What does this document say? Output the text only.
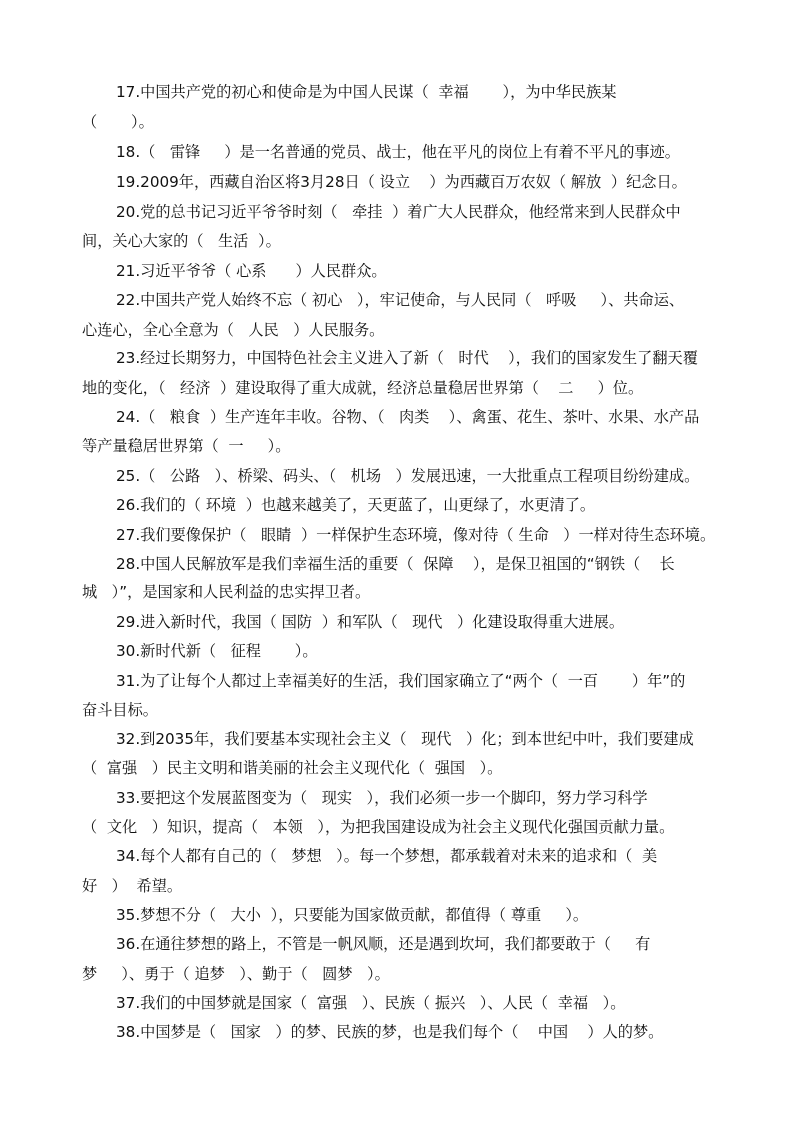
17.中国共产党的初心和使命是为中国人民谋（  幸福       ），为中华民族某
（       ）。
18.（   雷锋     ）是一名普通的党员、战士，他在平凡的岗位上有着不平凡的事迹。
19.2009年，西藏自治区将3月28日（ 设立    ）为西藏百万农奴（ 解放  ）纪念日。
20.党的总书记习近平爷爷时刻（   牵挂  ）着广大人民群众，他经常来到人民群众中
间，关心大家的（   生活  ）。
21.习近平爷爷（ 心系      ）人民群众。
22.中国共产党人始终不忘（ 初心   ），牢记使命，与人民同（   呼吸     ）、共命运、
心连心，全心全意为（   人民   ）人民服务。
23.经过长期努力，中国特色社会主义进入了新（   时代    ），我们的国家发生了翻天覆
地的变化，（   经济  ）建设取得了重大成就，经济总量稳居世界第（    二     ）位。
24.（   粮食  ）生产连年丰收。谷物、（   肉类    ）、禽蛋、花生、茶叶、水果、水产品
等产量稳居世界第（  一     ）。
25.（   公路   ）、桥梁、码头、（   机场   ）发展迅速，一大批重点工程项目纷纷建成。
26.我们的（ 环境  ）也越来越美了，天更蓝了，山更绿了，水更清了。
27.我们要像保护（   眼睛  ）一样保护生态环境，像对待（ 生命   ）一样对待生态环境。
28.中国人民解放军是我们幸福生活的重要（  保障    ），是保卫祖国的“钢铁（    长
城   ）”，是国家和人民利益的忠实捍卫者。
29.进入新时代，我国（ 国防  ）和军队（   现代   ）化建设取得重大进展。
30.新时代新（   征程       ）。
31.为了让每个人都过上幸福美好的生活，我们国家确立了“两个（  一百       ）年”的
奋斗目标。
32.到2035年，我们要基本实现社会主义（   现代   ）化；到本世纪中叶，我们要建成
（  富强   ）民主文明和谐美丽的社会主义现代化（  强国   ）。
33.要把这个发展蓝图变为（   现实   ），我们必须一步一个脚印，努力学习科学
（  文化   ）知识，提高（   本领   ），为把我国建设成为社会主义现代化强国贡献力量。
34.每个人都有自己的（   梦想   ）。每一个梦想，都承载着对未来的追求和（  美
好   ）  希望。
35.梦想不分（   大小  ），只要能为国家做贡献，都值得（ 尊重     ）。
36.在通往梦想的路上，不管是一帆风顺，还是遇到坎坷，我们都要敢于（     有
梦     ）、勇于（ 追梦   ）、勤于（   圆梦   ）。
37.我们的中国梦就是国家（  富强   ）、民族（ 振兴   ）、人民（  幸福   ）。
38.中国梦是（   国家   ）的梦、民族的梦，也是我们每个（    中国    ）人的梦。
